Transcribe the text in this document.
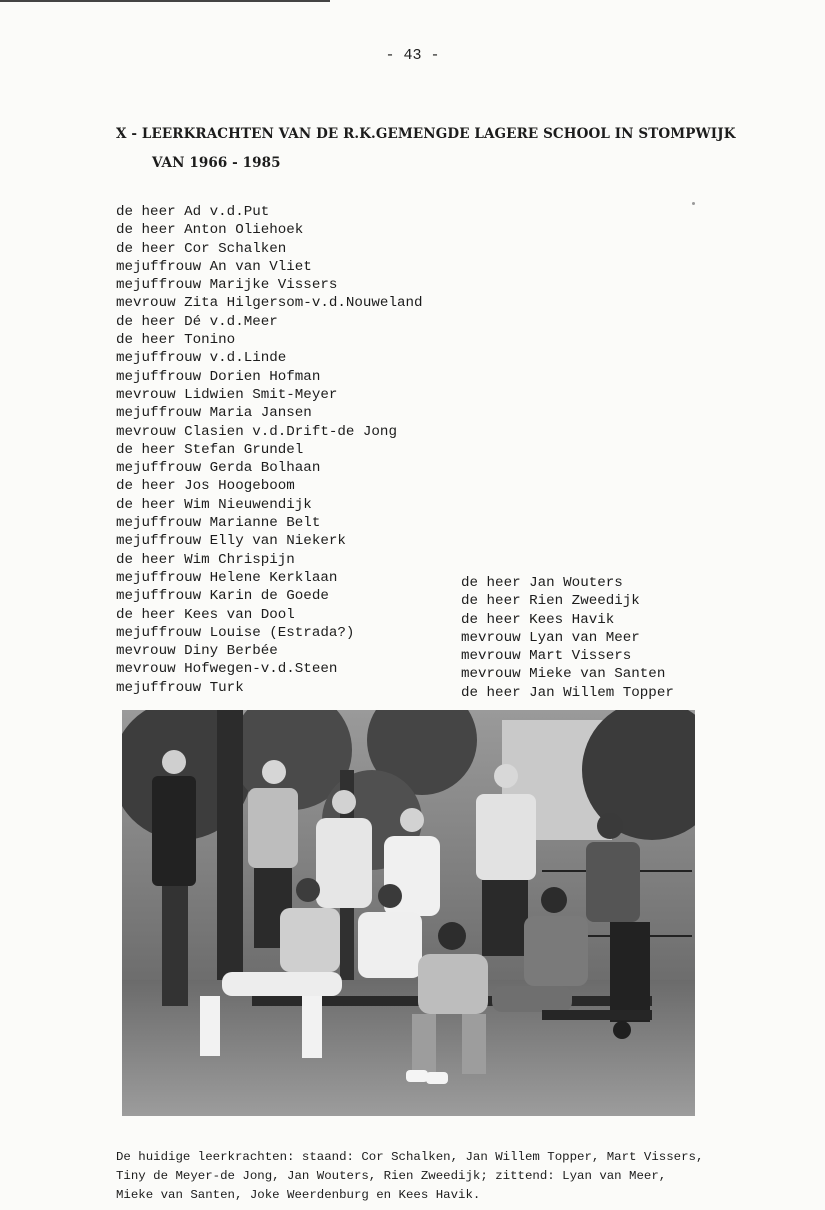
- 43 -
X - LEERKRACHTEN VAN DE R.K.GEMENGDE LAGERE SCHOOL IN STOMPWIJK
VAN 1966 - 1985
de heer Ad v.d.Put
de heer Anton Oliehoek
de heer Cor Schalken
mejuffrouw An van Vliet
mejuffrouw Marijke Vissers
mevrouw Zita Hilgersom-v.d.Nouweland
de heer Dé v.d.Meer
de heer Tonino
mejuffrouw v.d.Linde
mejuffrouw Dorien Hofman
mevrouw Lidwien Smit-Meyer
mejuffrouw Maria Jansen
mevrouw Clasien v.d.Drift-de Jong
de heer Stefan Grundel
mejuffrouw Gerda Bolhaan
de heer Jos Hoogeboom
de heer Wim Nieuwendijk
mejuffrouw Marianne Belt
mejuffrouw Elly van Niekerk
de heer Wim Chrispijn
mejuffrouw Helene Kerklaan
mejuffrouw Karin de Goede
de heer Kees van Dool
mejuffrouw Louise (Estrada?)
mevrouw Diny Berbée
mevrouw Hofwegen-v.d.Steen
mejuffrouw Turk
de heer Jan Wouters
de heer Rien Zweedijk
de heer Kees Havik
mevrouw Lyan van Meer
mevrouw Mart Vissers
mevrouw Mieke van Santen
de heer Jan Willem Topper
De huidige leerkrachten: staand: Cor Schalken, Jan Willem Topper, Mart Vissers,
Tiny de Meyer-de Jong, Jan Wouters, Rien Zweedijk; zittend: Lyan van Meer,
Mieke van Santen, Joke Weerdenburg en Kees Havik.
